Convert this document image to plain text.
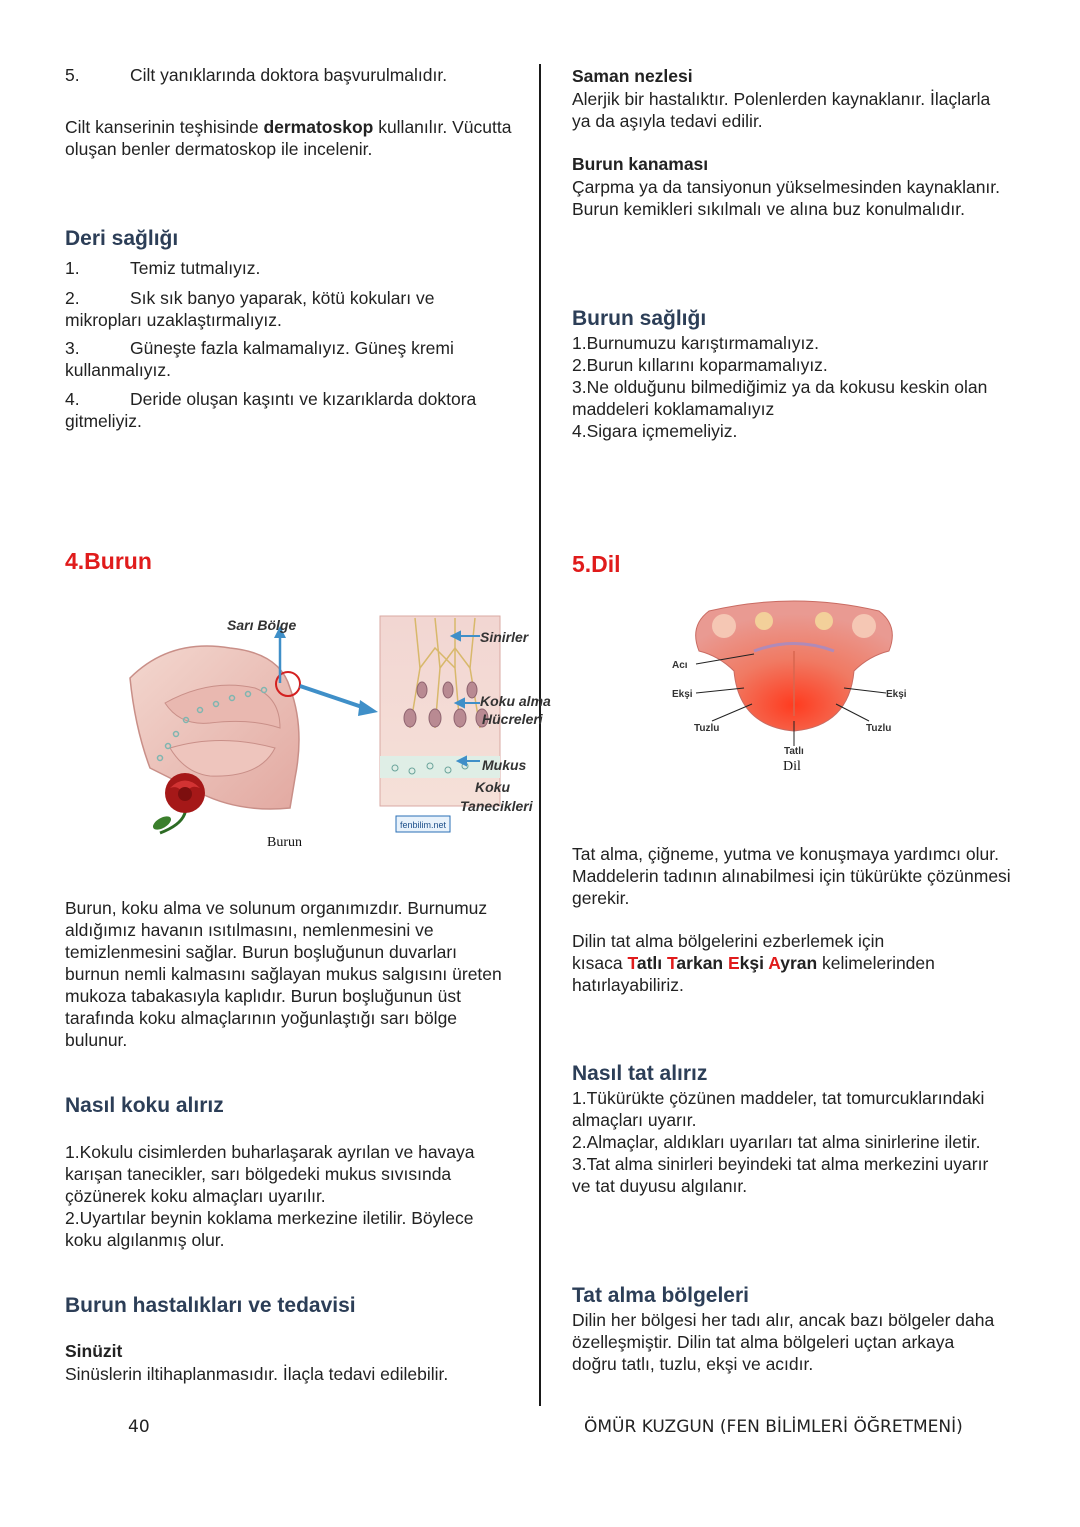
5.	Cilt yanıklarında doktora başvurulmalıdır.

Cilt kanserinin teşhisinde dermatoskop kullanılır. Vücutta oluşan benler dermatoskop ile incelenir.

Deri sağlığı

1.	Temiz tutmalıyız.

2.	Sık sık banyo yaparak, kötü kokuları ve mikropları uzaklaştırmalıyız.

3.	Güneşte fazla kalmamalıyız. Güneş kremi kullanmalıyız.

4.	Deride oluşan kaşıntı ve kızarıklarda doktora gitmeliyiz.

4.Burun
fenbilim.net
Sarı Bölge
Sinirler
Koku alma
Hücreleri
Mukus
Koku
Tanecikleri
Burun

Burun, koku alma ve solunum organımızdır. Burnumuz aldığımız havanın ısıtılmasını, nemlenmesini ve temizlenmesini sağlar. Burun boşluğunun duvarları burnun nemli kalmasını sağlayan mukus salgısını üreten mukoza tabakasıyla kaplıdır. Burun boşluğunun üst tarafında koku almaçlarının yoğunlaştığı sarı bölge bulunur.

Nasıl koku alırız

1.Kokulu cisimlerden buharlaşarak ayrılan ve havaya karışan tanecikler, sarı bölgedeki mukus sıvısında çözünerek koku almaçları uyarılır.
2.Uyartılar beynin koklama merkezine iletilir. Böylece koku algılanmış olur.

Burun hastalıkları ve tedavisi
Sinüzit

Sinüslerin iltihaplanmasıdır. İlaçla tedavi edilebilir.

Saman nezlesi

Alerjik bir hastalıktır. Polenlerden kaynaklanır. İlaçlarla ya da aşıyla tedavi edilir.

Burun kanaması

Çarpma ya da tansiyonun yükselmesinden kaynaklanır. Burun kemikleri sıkılmalı ve alına buz konulmalıdır.

Burun sağlığı

1.Burnumuzu karıştırmamalıyız.
2.Burun kıllarını koparmamalıyız.
3.Ne olduğunu bilmediğimiz ya da kokusu keskin olan maddeleri koklamamalıyız
4.Sigara içmemeliyiz.

5.Dil
Acı
Ekşi	Ekşi
Tuzlu	Tuzlu
Tatlı
Dil

Tat alma, çiğneme, yutma ve konuşmaya yardımcı olur. Maddelerin tadının alınabilmesi için tükürükte çözünmesi gerekir.

Dilin tat alma bölgelerini ezberlemek için
kısaca Tatlı Tarkan Ekşi Ayran kelimelerinden hatırlayabiliriz.

Nasıl tat alırız

1.Tükürükte çözünen maddeler, tat tomurcuklarındaki almaçları uyarır.
2.Almaçlar, aldıkları uyarıları tat alma sinirlerine iletir.
3.Tat alma sinirleri beyindeki tat alma merkezini uyarır ve tat duyusu algılanır.

Tat alma bölgeleri

Dilin her bölgesi her tadı alır, ancak bazı bölgeler daha özelleşmiştir. Dilin tat alma bölgeleri uçtan arkaya doğru tatlı, tuzlu, ekşi ve acıdır.

40	ÖMÜR KUZGUN (FEN BİLİMLERİ ÖĞRETMENİ)
